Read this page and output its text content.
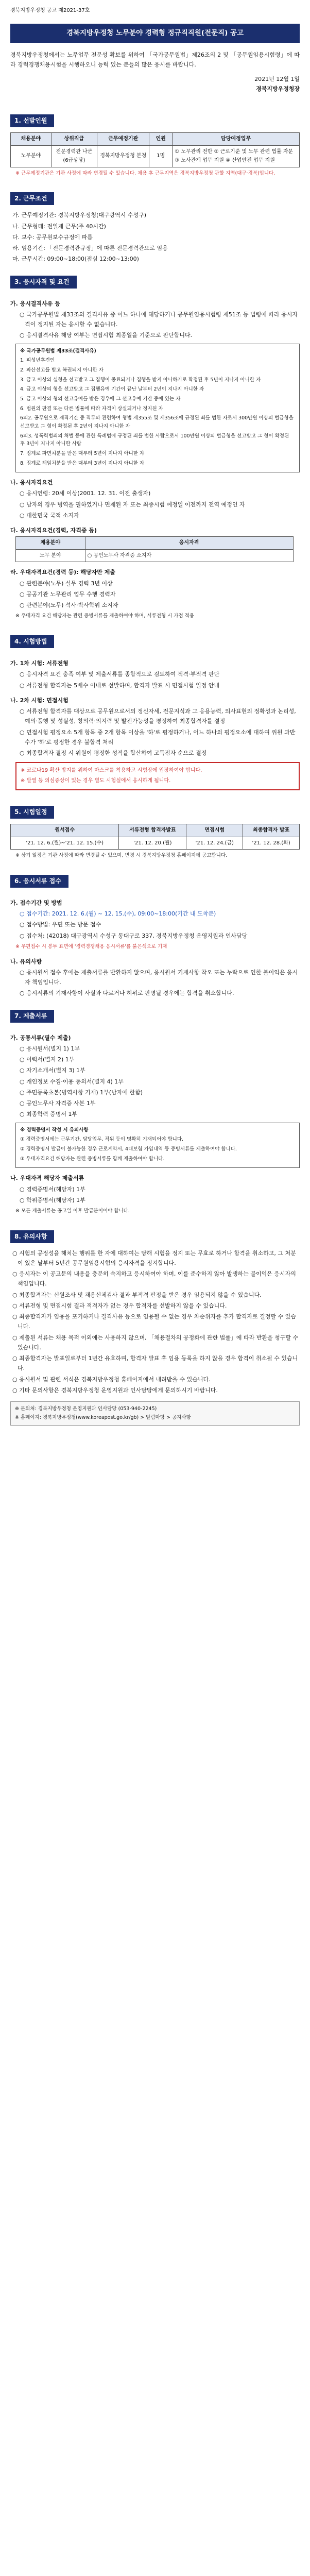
경북지방우정청 공고 제2021-37호
경북지방우정청 노무분야 경력형 정규직직원(전문직) 공고

경북지방우정청에서는 노무업무 전문성 확보를 위하여 「국가공무원법」제26조의 2 및 「공무원임용시험령」에 따라 경력경쟁채용시험을 시행하오니 능력 있는 분들의 많은 응시를 바랍니다.

2021년 12월 1일
경북지방우정청장
1. 선발인원
채용분야	상위직급	근무예정기관	인원	담당예정업무
노무분야	전문경력관 나군 (6급상당)	경북지방우정청 본청	1명	① 노무관리 전반 ② 근로기준 및 노무 관련 법률 자문 ③ 노사관계 업무 지원 ④ 산업안전 업무 지원
※ 근무예정기관은 기관 사정에 따라 변경될 수 있습니다. 채용 후 근무지역은 경북지방우정청 관할 지역(대구·경북)입니다.
2. 근무조건
가. 근무예정기관: 경북지방우정청(대구광역시 수성구)
나. 근무형태: 전일제 근무(주 40시간)
다. 보수: 공무원보수규정에 따름
라. 임용기간: 「전문경력관규정」에 따른 전문경력관으로 임용
마. 근무시간: 09:00~18:00(점심 12:00~13:00)
3. 응시자격 및 요건
가. 응시결격사유 등
○ 국가공무원법 제33조의 결격사유 중 어느 하나에 해당하거나 공무원임용시험령 제51조 등 법령에 따라 응시자격이 정지된 자는 응시할 수 없습니다.
○ 응시결격사유 해당 여부는 면접시험 최종일을 기준으로 판단합니다.

※ 국가공무원법 제33조(결격사유)

1. 피성년후견인

2. 파산선고를 받고 복권되지 아니한 자

3. 금고 이상의 실형을 선고받고 그 집행이 종료되거나 집행을 받지 아니하기로 확정된 후 5년이 지나지 아니한 자

4. 금고 이상의 형을 선고받고 그 집행유예 기간이 끝난 날부터 2년이 지나지 아니한 자

5. 금고 이상의 형의 선고유예를 받은 경우에 그 선고유예 기간 중에 있는 자

6. 법원의 판결 또는 다른 법률에 따라 자격이 상실되거나 정지된 자

6의2. 공무원으로 재직기간 중 직무와 관련하여 형법 제355조 및 제356조에 규정된 죄를 범한 자로서 300만원 이상의 벌금형을 선고받고 그 형이 확정된 후 2년이 지나지 아니한 자

6의3. 성폭력범죄의 처벌 등에 관한 특례법에 규정된 죄를 범한 사람으로서 100만원 이상의 벌금형을 선고받고 그 형이 확정된 후 3년이 지나지 아니한 사람

7. 징계로 파면처분을 받은 때부터 5년이 지나지 아니한 자

8. 징계로 해임처분을 받은 때부터 3년이 지나지 아니한 자

나. 응시자격요건
○ 응시연령: 20세 이상(2001. 12. 31. 이전 출생자)
○ 남자의 경우 병역을 필하였거나 면제된 자 또는 최종시험 예정일 이전까지 전역 예정인 자
○ 대한민국 국적 소지자
다. 응시자격요건(경력, 자격증 등)
채용분야	응시자격
노무 분야	○ 공인노무사 자격증 소지자
라. 우대자격요건(경력 등): 해당자만 제출
○ 관련분야(노무) 실무 경력 3년 이상
○ 공공기관 노무관리 업무 수행 경력자
○ 관련분야(노무) 석사·박사학위 소지자
※ 우대자격 요건 해당자는 관련 증빙서류를 제출하여야 하며, 서류전형 시 가점 적용
4. 시험방법
가. 1차 시험: 서류전형
○ 응시자격 요건 충족 여부 및 제출서류를 종합적으로 검토하여 적격·부적격 판단
○ 서류전형 합격자는 5배수 이내로 선발하며, 합격자 발표 시 면접시험 일정 안내
나. 2차 시험: 면접시험
○ 서류전형 합격자를 대상으로 공무원으로서의 정신자세, 전문지식과 그 응용능력, 의사표현의 정확성과 논리성, 예의·품행 및 성실성, 창의력·의지력 및 발전가능성을 평정하여 최종합격자를 결정
○ 면접시험 평정요소 5개 항목 중 2개 항목 이상을 '하'로 평정하거나, 어느 하나의 평정요소에 대하여 위원 과반수가 '하'로 평정한 경우 불합격 처리
○ 최종합격자 결정 시 위원이 평정한 성적을 합산하여 고득점자 순으로 결정

※ 코로나19 확산 방지를 위하여 마스크를 착용하고 시험장에 입장하여야 합니다.

※ 발열 등 의심증상이 있는 경우 별도 시험실에서 응시하게 됩니다.

5. 시험일정
원서접수	서류전형 합격자발표	면접시험	최종합격자 발표
'21. 12. 6.(월)~'21. 12. 15.(수)	'21. 12. 20.(월)	'21. 12. 24.(금)	'21. 12. 28.(화)
※ 상기 일정은 기관 사정에 따라 변경될 수 있으며, 변경 시 경북지방우정청 홈페이지에 공고합니다.
6. 응시서류 접수
가. 접수기간 및 방법
○ 접수기간: 2021. 12. 6.(월) ~ 12. 15.(수), 09:00~18:00(기간 내 도착분)
○ 접수방법: 우편 또는 방문 접수
○ 접수처: (42018) 대구광역시 수성구 동대구로 337, 경북지방우정청 운영지원과 인사담당
※ 우편접수 시 봉투 표면에 '경력경쟁채용 응시서류'를 붉은색으로 기재
나. 유의사항
○ 응시원서 접수 후에는 제출서류를 반환하지 않으며, 응시원서 기재사항 착오 또는 누락으로 인한 불이익은 응시자 책임입니다.
○ 응시서류의 기재사항이 사실과 다르거나 허위로 판명될 경우에는 합격을 취소합니다.
7. 제출서류
가. 공통서류(필수 제출)
○ 응시원서(별지 1) 1부
○ 이력서(별지 2) 1부
○ 자기소개서(별지 3) 1부
○ 개인정보 수집·이용 동의서(별지 4) 1부
○ 주민등록초본(병역사항 기재) 1부(남자에 한함)
○ 공인노무사 자격증 사본 1부
○ 최종학력 증명서 1부

※ 경력증명서 작성 시 유의사항

① 경력증명서에는 근무기간, 담당업무, 직위 등이 명확히 기재되어야 합니다.

② 경력증명서 발급이 불가능한 경우 근로계약서, 4대보험 가입내역 등 증빙서류를 제출하여야 합니다.

③ 우대자격요건 해당자는 관련 증빙서류를 함께 제출하여야 합니다.

나. 우대자격 해당자 제출서류
○ 경력증명서(해당자) 1부
○ 학위증명서(해당자) 1부
※ 모든 제출서류는 공고일 이후 발급분이어야 합니다.
8. 유의사항
○ 시험의 공정성을 해치는 행위를 한 자에 대하여는 당해 시험을 정지 또는 무효로 하거나 합격을 취소하고, 그 처분이 있은 날부터 5년간 공무원임용시험의 응시자격을 정지합니다.
○ 응시자는 이 공고문의 내용을 충분히 숙지하고 응시하여야 하며, 이를 준수하지 않아 발생하는 불이익은 응시자의 책임입니다.
○ 최종합격자는 신원조사 및 채용신체검사 결과 부적격 판정을 받은 경우 임용되지 않을 수 있습니다.
○ 서류전형 및 면접시험 결과 적격자가 없는 경우 합격자를 선발하지 않을 수 있습니다.
○ 최종합격자가 임용을 포기하거나 결격사유 등으로 임용될 수 없는 경우 차순위자를 추가 합격자로 결정할 수 있습니다.
○ 제출된 서류는 채용 목적 이외에는 사용하지 않으며, 「채용절차의 공정화에 관한 법률」에 따라 반환을 청구할 수 있습니다.
○ 최종합격자는 발표일로부터 1년간 유효하며, 합격자 발표 후 임용 등록을 하지 않을 경우 합격이 취소될 수 있습니다.
○ 응시원서 및 관련 서식은 경북지방우정청 홈페이지에서 내려받을 수 있습니다.
○ 기타 문의사항은 경북지방우정청 운영지원과 인사담당에게 문의하시기 바랍니다.
※ 문의처: 경북지방우정청 운영지원과 인사담당 (053-940-2245)
※ 홈페이지: 경북지방우정청(www.koreapost.go.kr/gb) > 알림마당 > 공지사항
